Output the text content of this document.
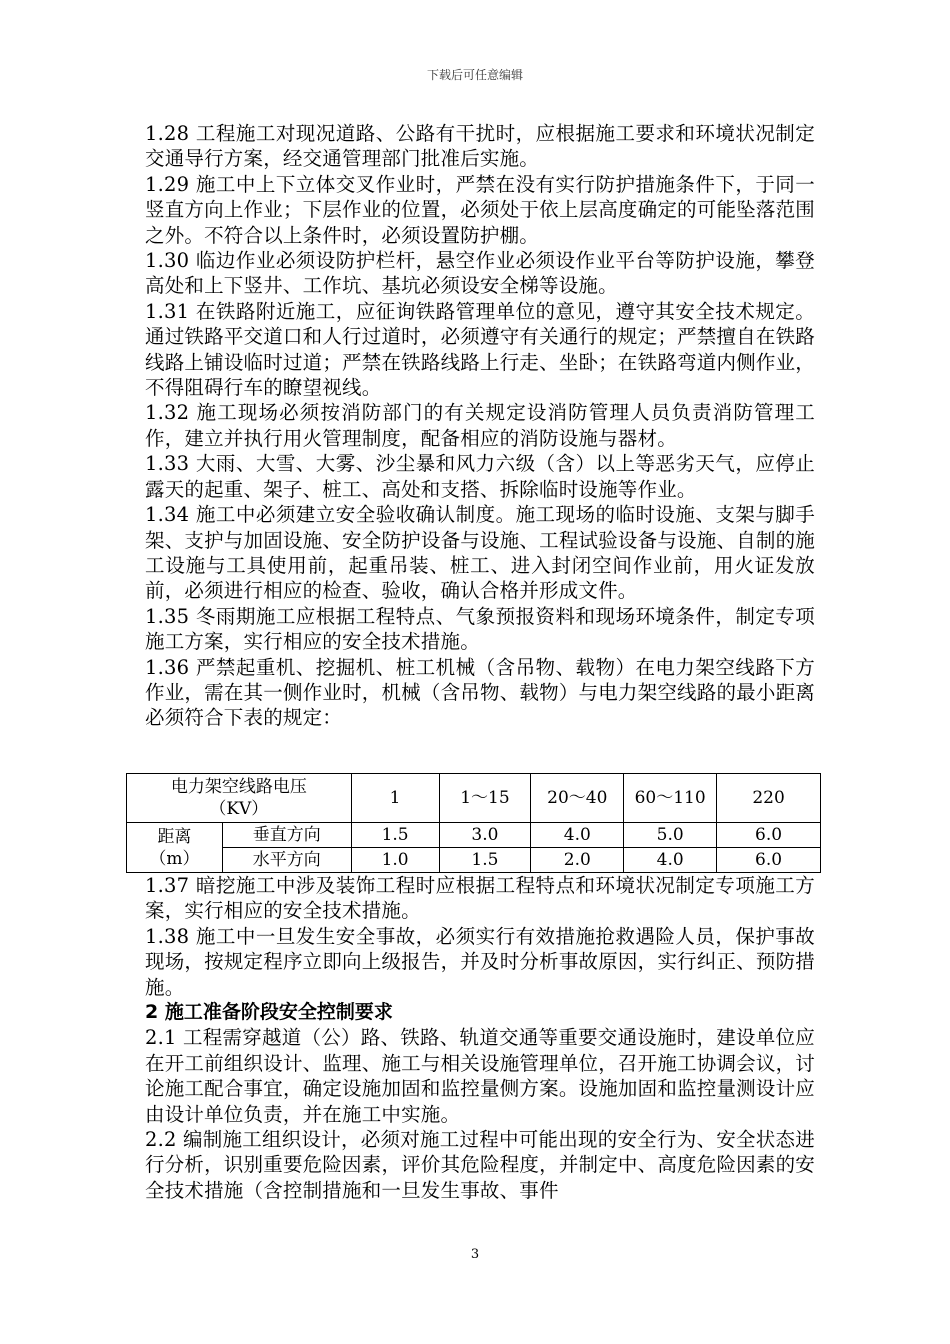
下载后可任意编辑

1.28 工程施工对现况道路、公路有干扰时，应根据施工要求和环境状况制定交通导行方案，经交通管理部门批准后实施。

1.29 施工中上下立体交叉作业时，严禁在没有实行防护措施条件下，于同一竖直方向上作业；下层作业的位置，必须处于依上层高度确定的可能坠落范围之外。不符合以上条件时，必须设置防护棚。

1.30 临边作业必须设防护栏杆，悬空作业必须设作业平台等防护设施，攀登高处和上下竖井、工作坑、基坑必须设安全梯等设施。

1.31 在铁路附近施工，应征询铁路管理单位的意见，遵守其安全技术规定。通过铁路平交道口和人行过道时，必须遵守有关通行的规定；严禁擅自在铁路线路上铺设临时过道；严禁在铁路线路上行走、坐卧；在铁路弯道内侧作业，不得阻碍行车的瞭望视线。

1.32 施工现场必须按消防部门的有关规定设消防管理人员负责消防管理工作，建立并执行用火管理制度，配备相应的消防设施与器材。

1.33 大雨、大雪、大雾、沙尘暴和风力六级（含）以上等恶劣天气，应停止露天的起重、架子、桩工、高处和支搭、拆除临时设施等作业。

1.34 施工中必须建立安全验收确认制度。施工现场的临时设施、支架与脚手架、支护与加固设施、安全防护设备与设施、工程试验设备与设施、自制的施工设施与工具使用前，起重吊装、桩工、进入封闭空间作业前，用火证发放前，必须进行相应的检查、验收，确认合格并形成文件。

1.35 冬雨期施工应根据工程特点、气象预报资料和现场环境条件，制定专项施工方案，实行相应的安全技术措施。

1.36 严禁起重机、挖掘机、桩工机械（含吊物、载物）在电力架空线路下方作业，需在其一侧作业时，机械（含吊物、载物）与电力架空线路的最小距离必须符合下表的规定：

电力架空线路电压
（KV）		1	1～15	20～40	60～110	220

距离
（m）	垂直方向	1.5	3.0	4.0	5.0	6.0
	水平方向	1.0	1.5	2.0	4.0	6.0

1.37 暗挖施工中涉及装饰工程时应根据工程特点和环境状况制定专项施工方案，实行相应的安全技术措施。

1.38 施工中一旦发生安全事故，必须实行有效措施抢救遇险人员，保护事故现场，按规定程序立即向上级报告，并及时分析事故原因，实行纠正、预防措施。

2 施工准备阶段安全控制要求

2.1 工程需穿越道（公）路、铁路、轨道交通等重要交通设施时，建设单位应在开工前组织设计、监理、施工与相关设施管理单位，召开施工协调会议，讨论施工配合事宜，确定设施加固和监控量侧方案。设施加固和监控量测设计应由设计单位负责，并在施工中实施。

2.2 编制施工组织设计，必须对施工过程中可能出现的安全行为、安全状态进行分析，识别重要危险因素，评价其危险程度，并制定中、高度危险因素的安全技术措施（含控制措施和一旦发生事故、事件

3
